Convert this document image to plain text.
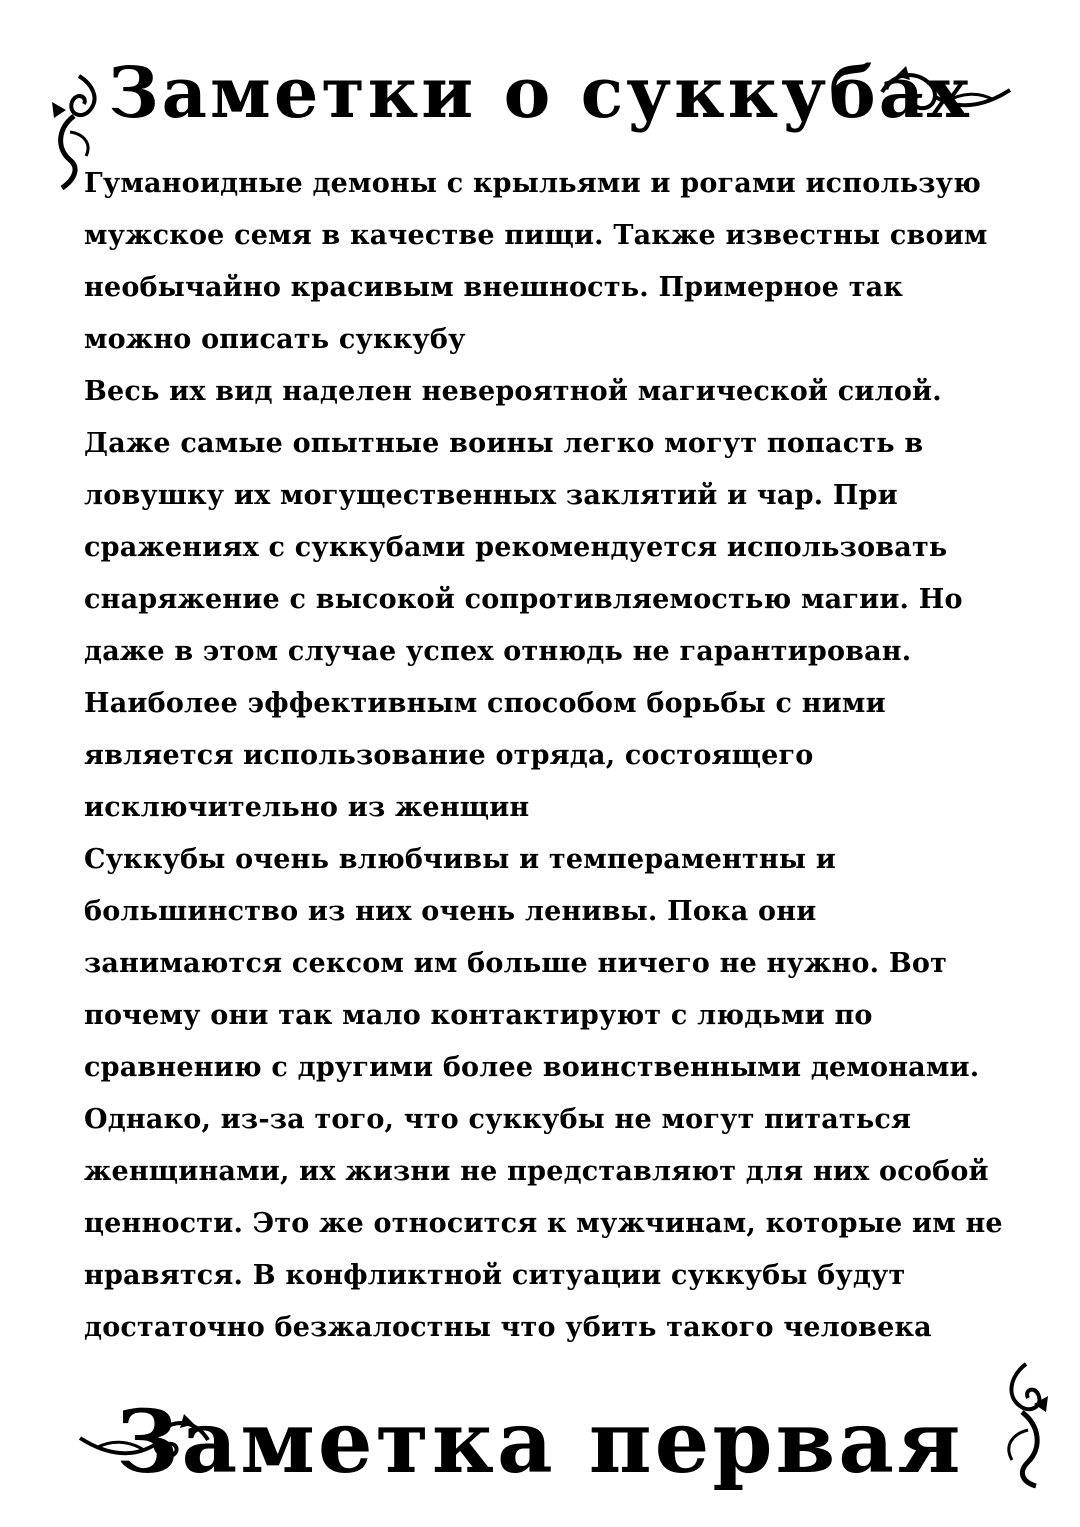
Заметки о суккубах

Гуманоидные демоны с крыльями и рогами использую мужское семя в качестве пищи. Также известны своим необычайно красивым внешность. Примерное так можно описать суккубу

Весь их вид наделен невероятной магической силой. Даже самые опытные воины легко могут попасть в ловушку их могущественных заклятий и чар. При сражениях с суккубами рекомендуется использовать снаряжение с высокой сопротивляемостью магии. Но даже в этом случае успех отнюдь не гарантирован. Наиболее эффективным способом борьбы с ними является использование отряда, состоящего исключительно из женщин

Суккубы очень влюбчивы и темпераментны и большинство из них очень ленивы. Пока они занимаются сексом им больше ничего не нужно. Вот почему они так мало контактируют с людьми по сравнению с другими более воинственными демонами. Однако, из-за того, что суккубы не могут питаться женщинами, их жизни не представляют для них особой ценности. Это же относится к мужчинам, которые им не нравятся. В конфликтной ситуации суккубы будут достаточно безжалостны что убить такого человека

Заметка первая
